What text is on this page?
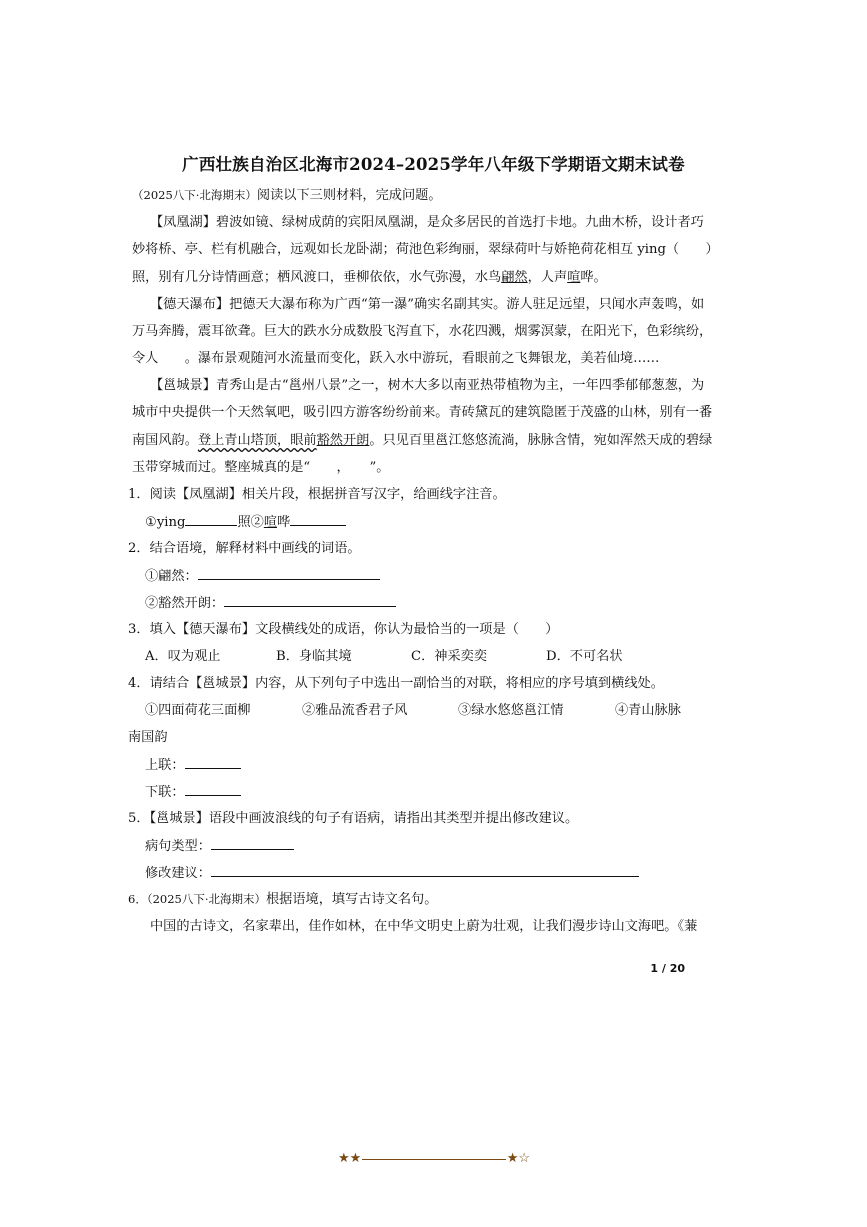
广西壮族自治区北海市2024–2025学年八年级下学期语文期末试卷
（2025八下·北海期末）阅读以下三则材料，完成问题。
【凤凰湖】碧波如镜、绿树成荫的宾阳凤凰湖，是众多居民的首选打卡地。九曲木桥，设计者巧
妙将桥、亭、栏有机融合，远观如长龙卧湖；荷池色彩绚丽，翠绿荷叶与娇艳荷花相互 ying（　　）
照，别有几分诗情画意；栖风渡口，垂柳依依，水气弥漫，水鸟翩然，人声喧哗。
【德天瀑布】把德天大瀑布称为广西“第一瀑”确实名副其实。游人驻足远望，只闻水声轰鸣，如
万马奔腾，震耳欲聋。巨大的跌水分成数股飞泻直下，水花四溅，烟雾溟蒙，在阳光下，色彩缤纷，
令人　　。瀑布景观随河水流量而变化，跃入水中游玩，看眼前之飞舞银龙，美若仙境……
【邕城景】青秀山是古“邕州八景”之一，树木大多以南亚热带植物为主，一年四季郁郁葱葱，为
城市中央提供一个天然氧吧，吸引四方游客纷纷前来。青砖黛瓦的建筑隐匿于茂盛的山林，别有一番
南国风韵。登上青山塔顶，眼前豁然开朗。只见百里邕江悠悠流淌，脉脉含情，宛如浑然天成的碧绿
玉带穿城而过。整座城真的是“　　，　　”。
1．阅读【凤凰湖】相关片段，根据拼音写汉字，给画线字注音。
①ying	照②喧哗
2．结合语境，解释材料中画线的词语。
①翩然：
②豁然开朗：
3．填入【德天瀑布】文段横线处的成语，你认为最恰当的一项是（　　）
A．叹为观止	B．身临其境	C．神采奕奕	D．不可名状
4．请结合【邕城景】内容，从下列句子中选出一副恰当的对联，将相应的序号填到横线处。
①四面荷花三面柳	②雅品流香君子风	③绿水悠悠邕江情	④青山脉脉
南国韵
上联：
下联：
5．【邕城景】语段中画波浪线的句子有语病，请指出其类型并提出修改建议。
病句类型：
修改建议：
6．（2025八下·北海期末）根据语境，填写古诗文名句。
中国的古诗文，名家辈出，佳作如林，在中华文明史上蔚为壮观，让我们漫步诗山文海吧。《蒹
1 / 20
★★	★☆
